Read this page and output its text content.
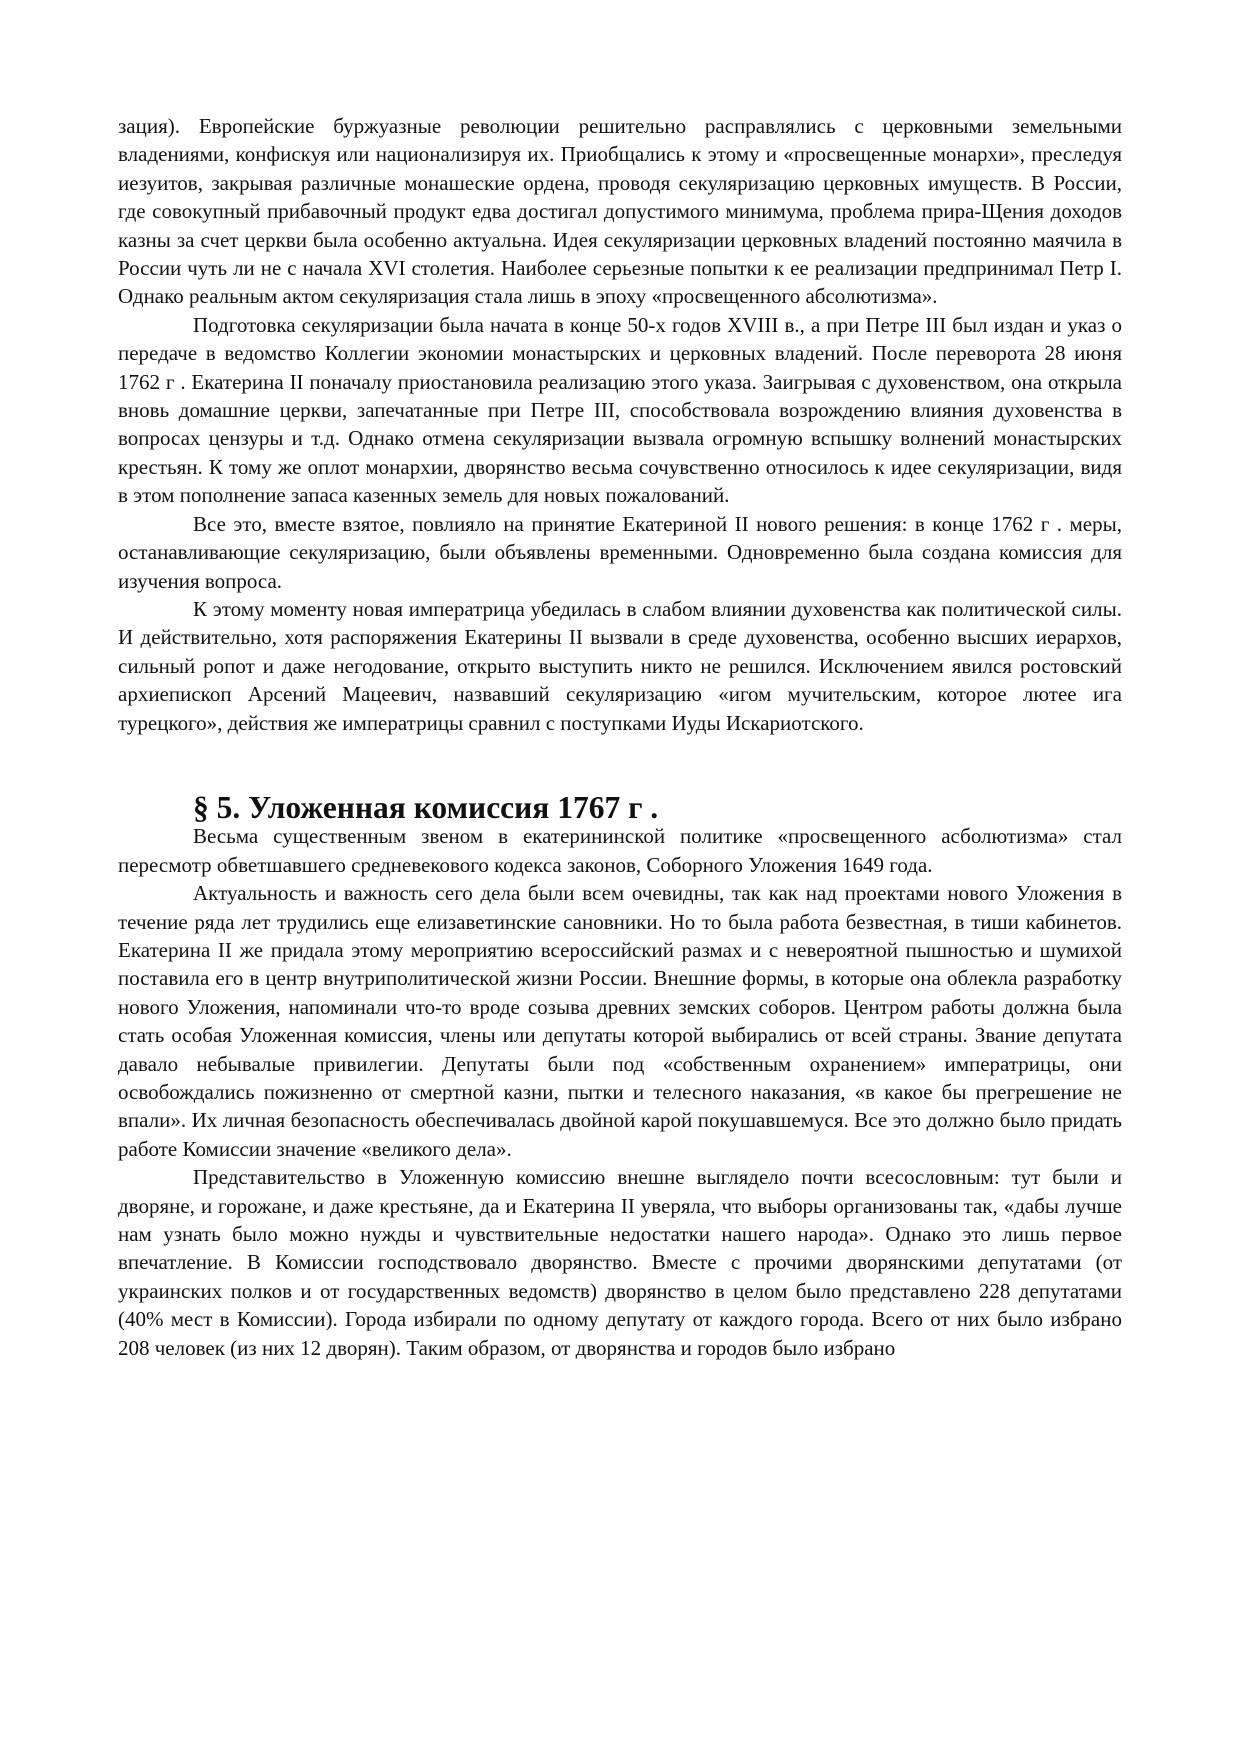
зация). Европейские буржуазные революции решительно расправлялись с церковными земельными владениями, конфискуя или национализируя их. Приобщались к этому и «просвещенные монархи», преследуя иезуитов, закрывая различные монашеские ордена, проводя секуляризацию церковных имуществ. В России, где совокупный прибавочный продукт едва достигал допустимого минимума, проблема прира-Щения доходов казны за счет церкви была особенно актуальна. Идея секуляризации церковных владений постоянно маячила в России чуть ли не с начала XVI столетия. Наиболее серьезные попытки к ее реализации предпринимал Петр I. Однако реальным актом секуляризация стала лишь в эпоху «просвещенного абсолютизма».

Подготовка секуляризации была начата в конце 50-х годов XVIII в., а при Петре III был издан и указ о передаче в ведомство Коллегии экономии монастырских и церковных владений. После переворота 28 июня 1762 г . Екатерина II поначалу приостановила реализацию этого указа. Заигрывая с духовенством, она открыла вновь домашние церкви, запечатанные при Петре III, способствовала возрождению влияния духовенства в вопросах цензуры и т.д. Однако отмена секуляризации вызвала огромную вспышку волнений монастырских крестьян. К тому же оплот монархии, дворянство весьма сочувственно относилось к идее секуляризации, видя в этом пополнение запаса казенных земель для новых пожалований.

Все это, вместе взятое, повлияло на принятие Екатериной II нового решения: в конце 1762 г . меры, останавливающие секуляризацию, были объявлены временными. Одновременно была создана комиссия для изучения вопроса.

К этому моменту новая императрица убедилась в слабом влиянии духовенства как политической силы. И действительно, хотя распоряжения Екатерины II вызвали в среде духовенства, особенно высших иерархов, сильный ропот и даже негодование, открыто выступить никто не решился. Исключением явился ростовский архиепископ Арсений Мацеевич, назвавший секуляризацию «игом мучительским, которое лютее ига турецкого», действия же императрицы сравнил с поступками Иуды Искариотского.

§ 5. Уложенная комиссия 1767 г .

Весьма существенным звеном в екатерининской политике «просвещенного асболютизма» стал пересмотр обветшавшего средневекового кодекса законов, Соборного Уложения 1649 года.

Актуальность и важность сего дела были всем очевидны, так как над проектами нового Уложения в течение ряда лет трудились еще елизаветинские сановники. Но то была работа безвестная, в тиши кабинетов. Екатерина II же придала этому мероприятию всероссийский размах и с невероятной пышностью и шумихой поставила его в центр внутриполитической жизни России. Внешние формы, в которые она облекла разработку нового Уложения, напоминали что-то вроде созыва древних земских соборов. Центром работы должна была стать особая Уложенная комиссия, члены или депутаты которой выбирались от всей страны. Звание депутата давало небывалые привилегии. Депутаты были под «собственным охранением» императрицы, они освобождались пожизненно от смертной казни, пытки и телесного наказания, «в какое бы прегрешение не впали». Их личная безопасность обеспечивалась двойной карой покушавшемуся. Все это должно было придать работе Комиссии значение «великого дела».

Представительство в Уложенную комиссию внешне выглядело почти всесословным: тут были и дворяне, и горожане, и даже крестьяне, да и Екатерина II уверяла, что выборы организованы так, «дабы лучше нам узнать было можно нужды и чувствительные недостатки нашего народа». Однако это лишь первое впечатление. В Комиссии господствовало дворянство. Вместе с прочими дворянскими депутатами (от украинских полков и от государственных ведомств) дворянство в целом было представлено 228 депутатами (40% мест в Комиссии). Города избирали по одному депутату от каждого города. Всего от них было избрано 208 человек (из них 12 дворян). Таким образом, от дворянства и городов было избрано
